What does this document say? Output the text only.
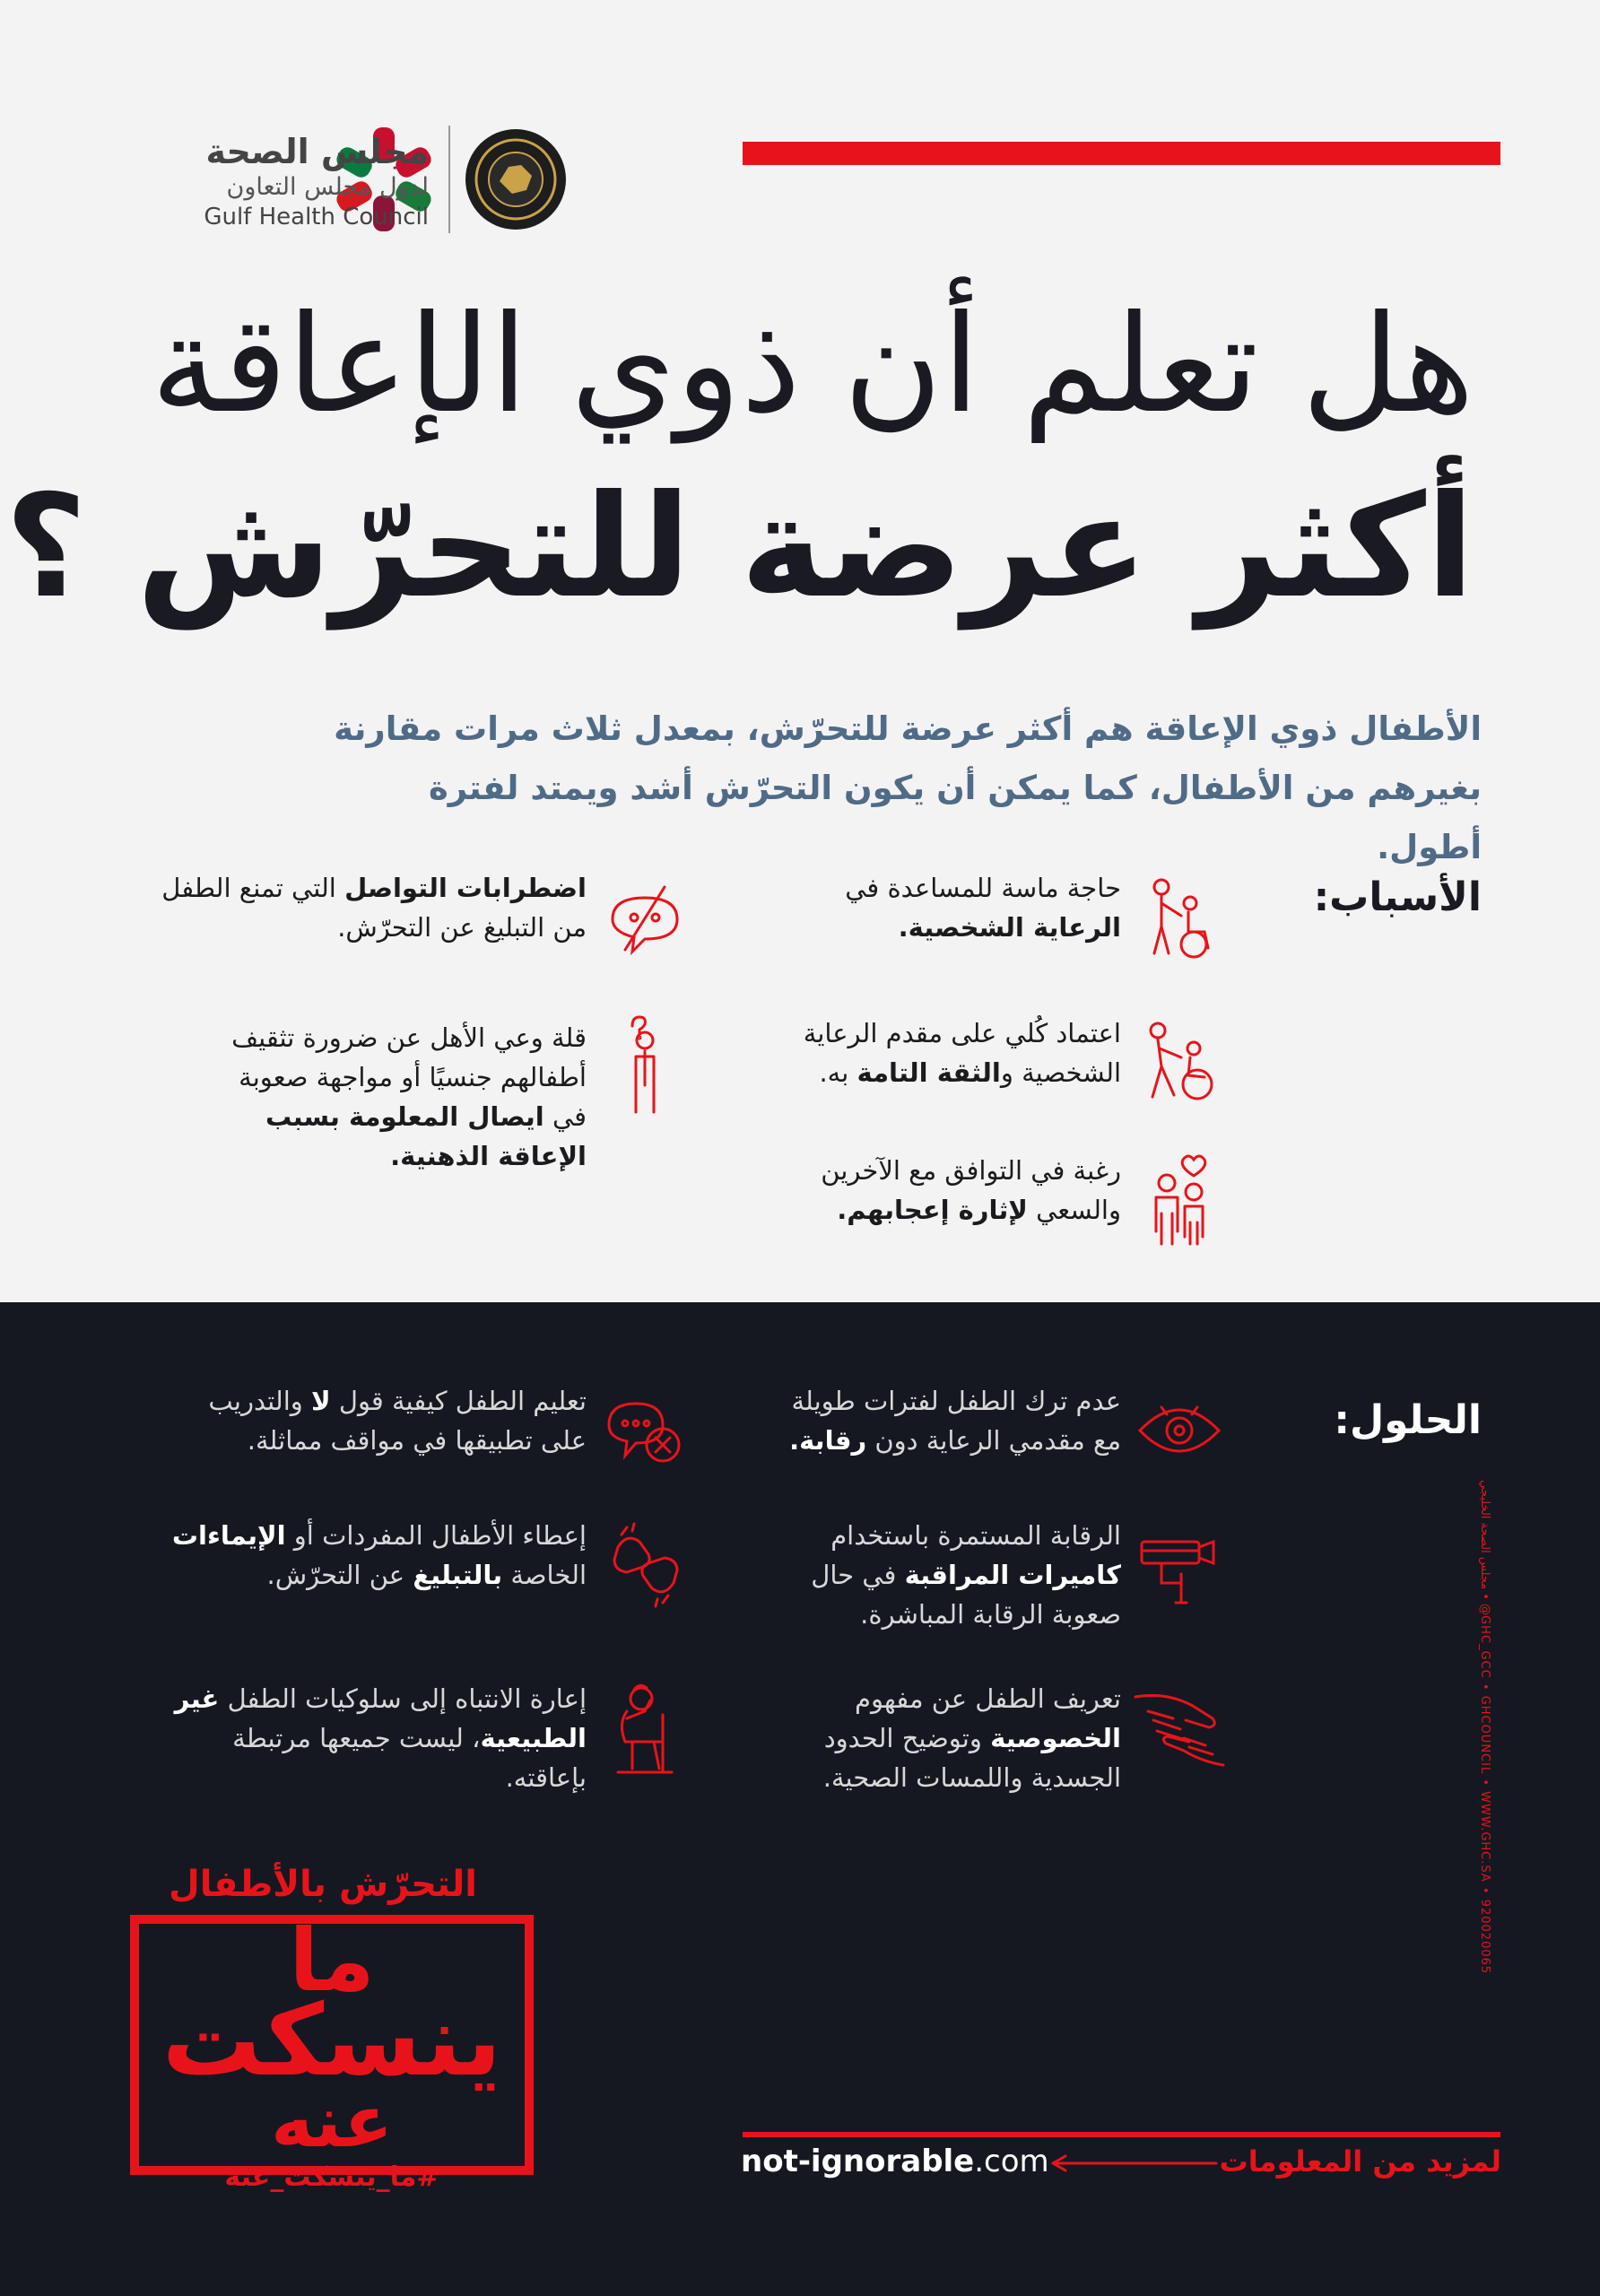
مجلس الصحة
لدول مجلس التعاون
Gulf Health Council
هل تعلم أن ذوي الإعاقة
أكثر عرضة للتحرّش ؟
الأطفال ذوي الإعاقة هم أكثر عرضة للتحرّش، بمعدل ثلاث مرات مقارنة
بغيرهم من الأطفال، كما يمكن أن يكون التحرّش أشد ويمتد لفترة أطول.
الأسباب:
حاجة ماسة للمساعدة في
الرعاية الشخصية.
اضطرابات التواصل التي تمنع الطفل من التبليغ عن التحرّش.
اعتماد كُلي على مقدم الرعاية الشخصية والثقة التامة به.
قلة وعي الأهل عن ضرورة تثقيف أطفالهم جنسيًا أو مواجهة صعوبة في ايصال المعلومة بسبب الإعاقة الذهنية.	رغبة في التوافق مع الآخرين والسعي لإثارة إعجابهم.
الحلول:
عدم ترك الطفل لفترات طويلة مع مقدمي الرعاية دون رقابة.
تعليم الطفل كيفية قول لا والتدريب على تطبيقها في مواقف مماثلة.
الرقابة المستمرة باستخدام
كاميرات المراقبة في حال صعوبة الرقابة المباشرة.
إعطاء الأطفال المفردات أو الإيماءات الخاصة بالتبليغ عن التحرّش.
تعريف الطفل عن مفهوم
الخصوصية وتوضيح الحدود الجسدية واللمسات الصحية.
إعارة الانتباه إلى سلوكيات الطفل غير الطبيعية، ليست جميعها مرتبطة بإعاقته.
مجلس الصحة الخليجي • @GHC_GCC • GHCOUNCIL • WWW.GHC.SA • 920020065
التحرّش بالأطفال
ما
ينسكت
عنه
#ما_ينسكت_عنه	not-ignorable.com	لمزيد من المعلومات
